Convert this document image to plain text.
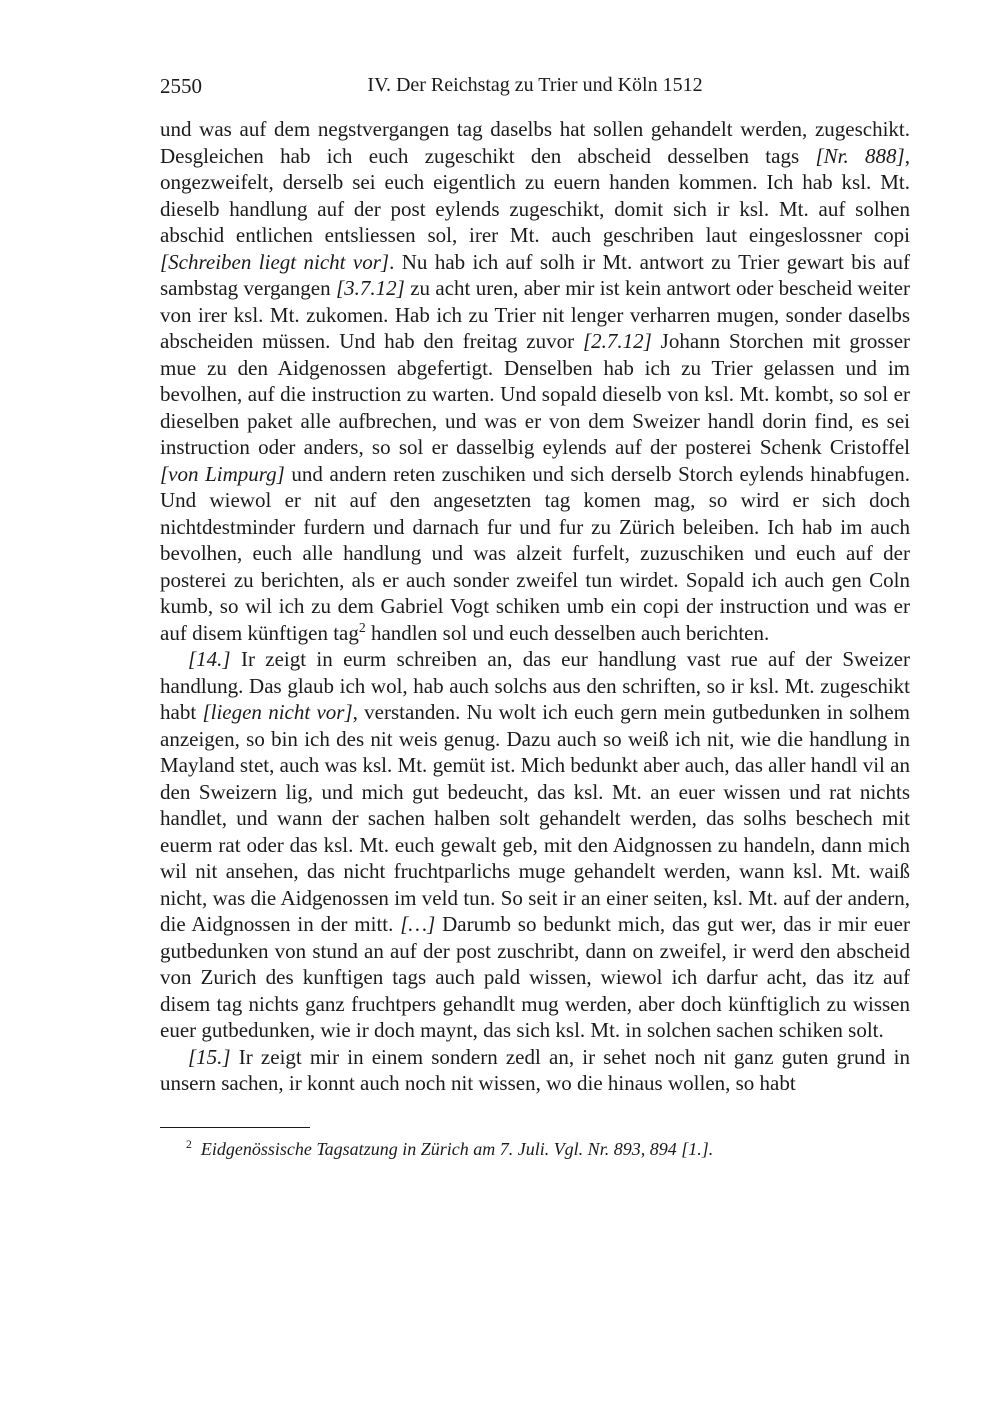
2550	IV. Der Reichstag zu Trier und Köln 1512

und was auf dem negstvergangen tag daselbs hat sollen gehandelt werden, zugeschikt. Desgleichen hab ich euch zugeschikt den abscheid desselben tags [Nr. 888], ongezweifelt, derselb sei euch eigentlich zu euern handen kommen. Ich hab ksl. Mt. dieselb handlung auf der post eylends zugeschikt, domit sich ir ksl. Mt. auf solhen abschid entlichen entsliessen sol, irer Mt. auch geschriben laut eingeslossner copi [Schreiben liegt nicht vor]. Nu hab ich auf solh ir Mt. antwort zu Trier gewart bis auf sambstag vergangen [3.7.12] zu acht uren, aber mir ist kein antwort oder bescheid weiter von irer ksl. Mt. zukomen. Hab ich zu Trier nit lenger verharren mugen, sonder daselbs abscheiden müssen. Und hab den freitag zuvor [2.7.12] Johann Storchen mit grosser mue zu den Aidgenossen abgefertigt. Denselben hab ich zu Trier gelassen und im bevolhen, auf die instruction zu warten. Und sopald dieselb von ksl. Mt. kombt, so sol er dieselben paket alle aufbrechen, und was er von dem Sweizer handl dorin find, es sei instruction oder anders, so sol er dasselbig eylends auf der posterei Schenk Cristoffel [von Limpurg] und andern reten zuschiken und sich derselb Storch eylends hinabfugen. Und wiewol er nit auf den angesetzten tag komen mag, so wird er sich doch nichtdestminder furdern und darnach fur und fur zu Zürich beleiben. Ich hab im auch bevolhen, euch alle handlung und was alzeit furfelt, zuzuschiken und euch auf der posterei zu berichten, als er auch sonder zweifel tun wirdet. Sopald ich auch gen Coln kumb, so wil ich zu dem Gabriel Vogt schiken umb ein copi der instruction und was er auf disem künftigen tag$^2$ handlen sol und euch desselben auch berichten.

[14.] Ir zeigt in eurm schreiben an, das eur handlung vast rue auf der Sweizer handlung. Das glaub ich wol, hab auch solchs aus den schriften, so ir ksl. Mt. zugeschikt habt [liegen nicht vor], verstanden. Nu wolt ich euch gern mein gutbedunken in solhem anzeigen, so bin ich des nit weis genug. Dazu auch so weiß ich nit, wie die handlung in Mayland stet, auch was ksl. Mt. gemüt ist. Mich bedunkt aber auch, das aller handl vil an den Sweizern lig, und mich gut bedeucht, das ksl. Mt. an euer wissen und rat nichts handlet, und wann der sachen halben solt gehandelt werden, das solhs beschech mit euerm rat oder das ksl. Mt. euch gewalt geb, mit den Aidgnossen zu handeln, dann mich wil nit ansehen, das nicht fruchtparlichs muge gehandelt werden, wann ksl. Mt. waiß nicht, was die Aidgenossen im veld tun. So seit ir an einer seiten, ksl. Mt. auf der andern, die Aidgnossen in der mitt. […] Darumb so bedunkt mich, das gut wer, das ir mir euer gutbedunken von stund an auf der post zuschribt, dann on zweifel, ir werd den abscheid von Zurich des kunftigen tags auch pald wissen, wiewol ich darfur acht, das itz auf disem tag nichts ganz fruchtpers gehandlt mug werden, aber doch künftiglich zu wissen euer gutbedunken, wie ir doch maynt, das sich ksl. Mt. in solchen sachen schiken solt.

[15.] Ir zeigt mir in einem sondern zedl an, ir sehet noch nit ganz guten grund in unsern sachen, ir konnt auch noch nit wissen, wo die hinaus wollen, so habt

$^2$ Eidgenössische Tagsatzung in Zürich am 7. Juli. Vgl. Nr. 893, 894 [1.].
